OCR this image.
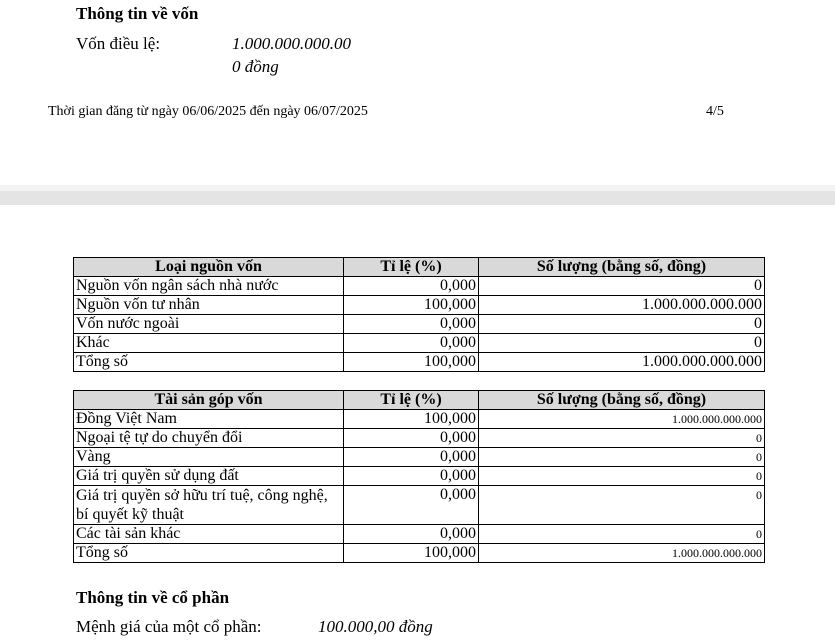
Thông tin về vốn
Vốn điều lệ:	1.000.000.000.00
0 đồng
Thời gian đăng từ ngày 06/06/2025 đến ngày 06/07/2025	4/5
Loại nguồn vốn	Tỉ lệ (%)	Số lượng (bằng số, đồng)
Nguồn vốn ngân sách nhà nước	0,000	0
Nguồn vốn tư nhân	100,000	1.000.000.000.000
Vốn nước ngoài	0,000	0
Khác	0,000	0
Tổng số	100,000	1.000.000.000.000
Tài sản góp vốn	Tỉ lệ (%)	Số lượng (bằng số, đồng)
Đồng Việt Nam	100,000	1.000.000.000.000
Ngoại tệ tự do chuyển đổi	0,000	0
Vàng	0,000	0
Giá trị quyền sử dụng đất	0,000	0
Giá trị quyền sở hữu trí tuệ, công nghệ, bí quyết kỹ thuật	0,000	0
Các tài sản khác	0,000	0
Tổng số	100,000	1.000.000.000.000
Thông tin về cổ phần
Mệnh giá của một cổ phần:	100.000,00 đồng
